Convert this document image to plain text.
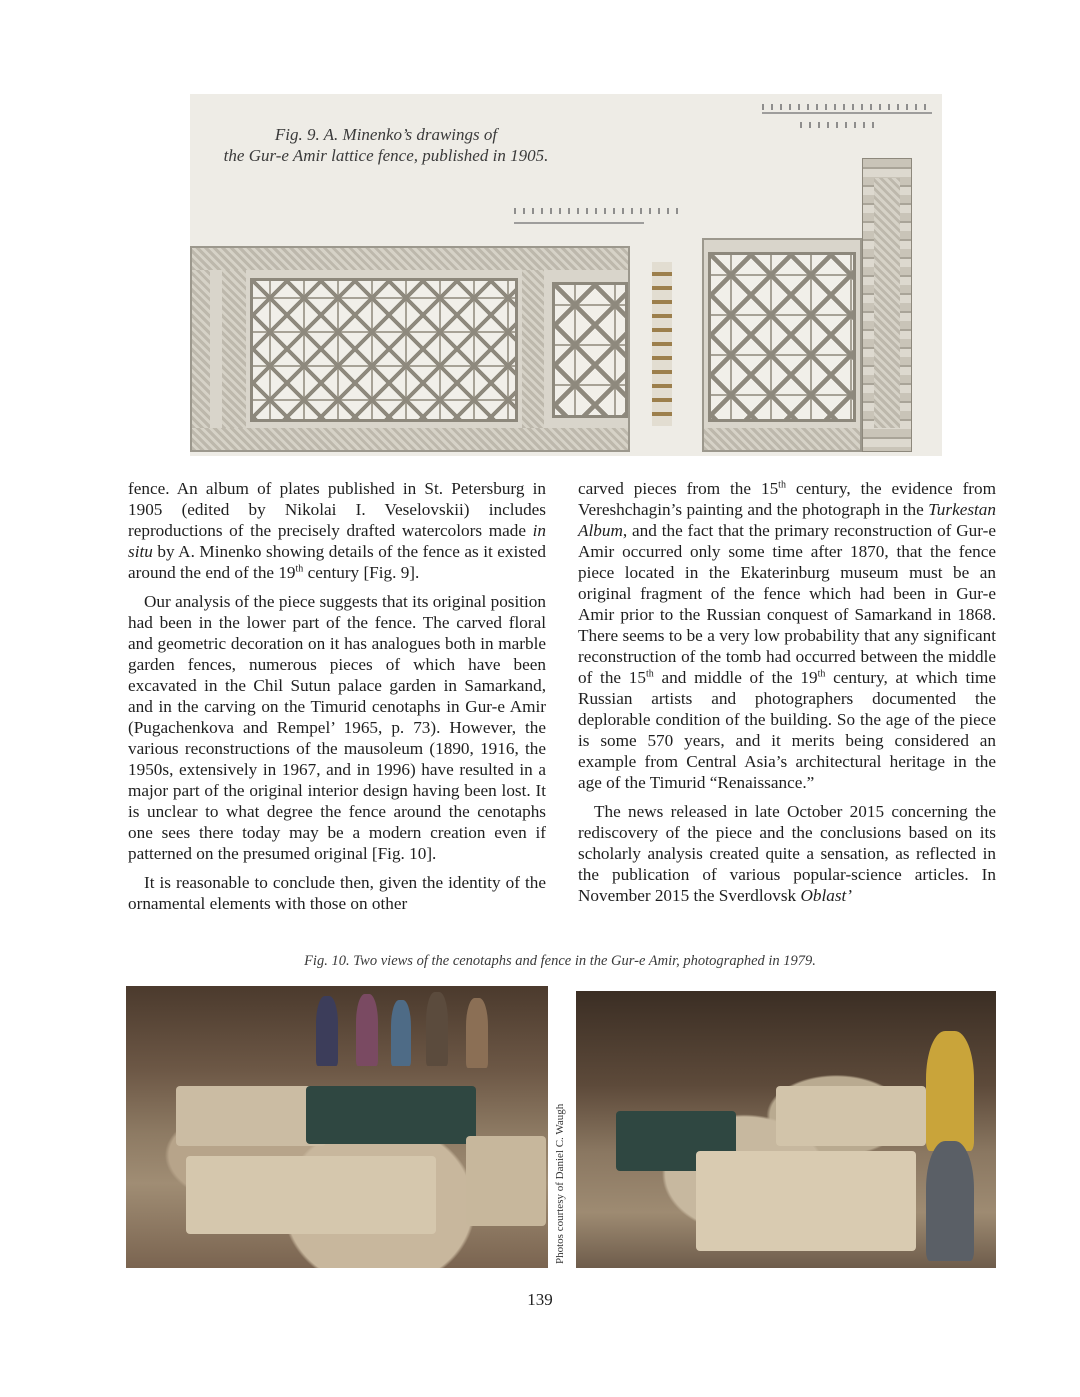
Fig. 9. A. Minenko’s drawings of
the Gur-e Amir lattice fence, published in 1905.

fence. An album of plates published in St. Petersburg in 1905 (edited by Nikolai I. Veselovskii) includes reproductions of the precisely drafted watercolors made in situ by A. Minenko showing details of the fence as it existed around the end of the 19th century [Fig. 9].

Our analysis of the piece suggests that its original position had been in the lower part of the fence. The carved floral and geometric decoration on it has analogues both in marble garden fences, numerous pieces of which have been excavated in the Chil Sutun palace garden in Samarkand, and in the carving on the Timurid cenotaphs in Gur-e Amir (Pugachenkova and Rempel’ 1965, p. 73). However, the various reconstructions of the mausoleum (1890, 1916, the 1950s, extensively in 1967, and in 1996) have resulted in a major part of the original interior design having been lost. It is unclear to what degree the fence around the cenotaphs one sees there today may be a modern creation even if patterned on the presumed original [Fig. 10].

It is reasonable to conclude then, given the identity of the ornamental elements with those on other

carved pieces from the 15th century, the evidence from Vereshchagin’s painting and the photograph in the Turkestan Album, and the fact that the primary reconstruction of Gur-e Amir occurred only some time after 1870, that the fence piece located in the Ekaterinburg museum must be an original fragment of the fence which had been in Gur-e Amir prior to the Russian conquest of Samarkand in 1868. There seems to be a very low probability that any significant reconstruction of the tomb had occurred between the middle of the 15th and middle of the 19th century, at which time Russian artists and photographers documented the deplorable condition of the building. So the age of the piece is some 570 years, and it merits being considered an example from Central Asia’s architectural heritage in the age of the Timurid “Renaissance.”

The news released in late October 2015 concerning the rediscovery of the piece and the conclusions based on its scholarly analysis created quite a sensation, as reflected in the publication of various popular-science articles. In November 2015 the Sverdlovsk Oblast’

Fig. 10. Two views of the cenotaphs and fence in the Gur-e Amir, photographed in 1979.
Photos courtesy of Daniel C. Waugh
139
